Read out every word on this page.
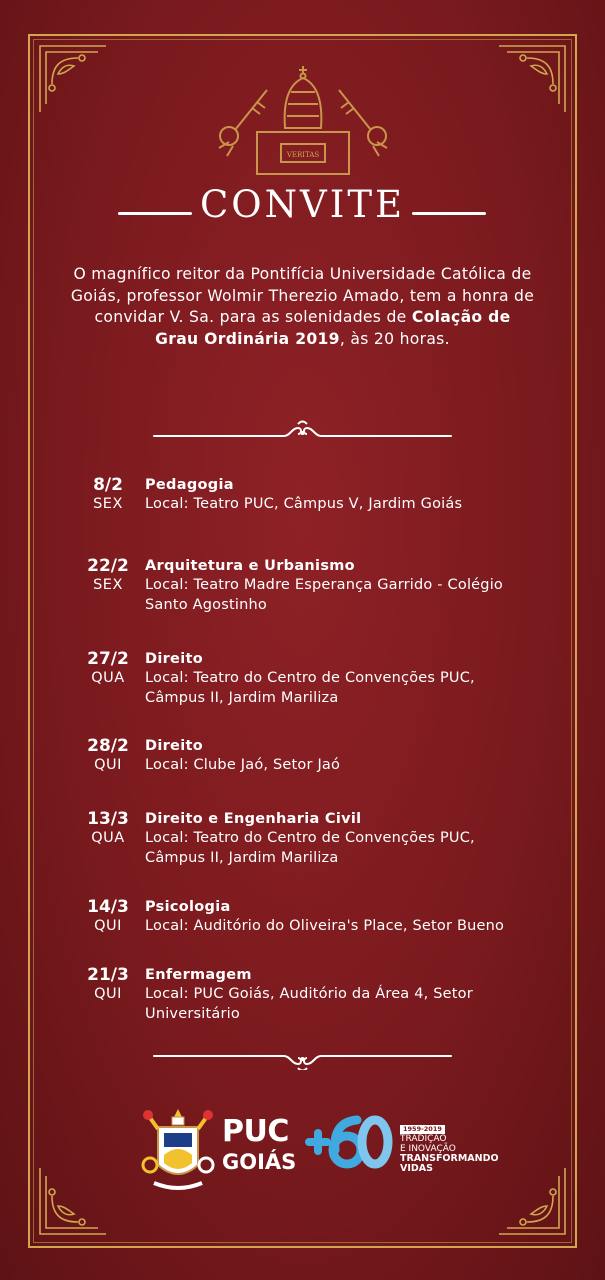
VERITAS
CONVITE
O magnífico reitor da Pontifícia Universidade Católica de Goiás, professor Wolmir Therezio Amado, tem a honra de convidar V. Sa. para as solenidades de Colação de Grau Ordinária 2019, às 20 horas.
8/2
SEX
Pedagogia
Local: Teatro PUC, Câmpus V, Jardim Goiás
22/2
SEX
Arquitetura e Urbanismo
Local: Teatro Madre Esperança Garrido - Colégio Santo Agostinho
27/2
QUA
Direito
Local: Teatro do Centro de Convenções PUC, Câmpus II, Jardim Mariliza
28/2
QUI
Direito
Local: Clube Jaó, Setor Jaó
13/3
QUA
Direito e Engenharia Civil
Local: Teatro do Centro de Convenções PUC, Câmpus II, Jardim Mariliza
14/3
QUI
Psicologia
Local: Auditório do Oliveira's Place, Setor Bueno
21/3
QUI
Enfermagem
Local: PUC Goiás, Auditório da Área 4, Setor Universitário
PUC
GOIÁS
1959-2019
TRADIÇÃO
E INOVAÇÃO
TRANSFORMANDO
VIDAS
